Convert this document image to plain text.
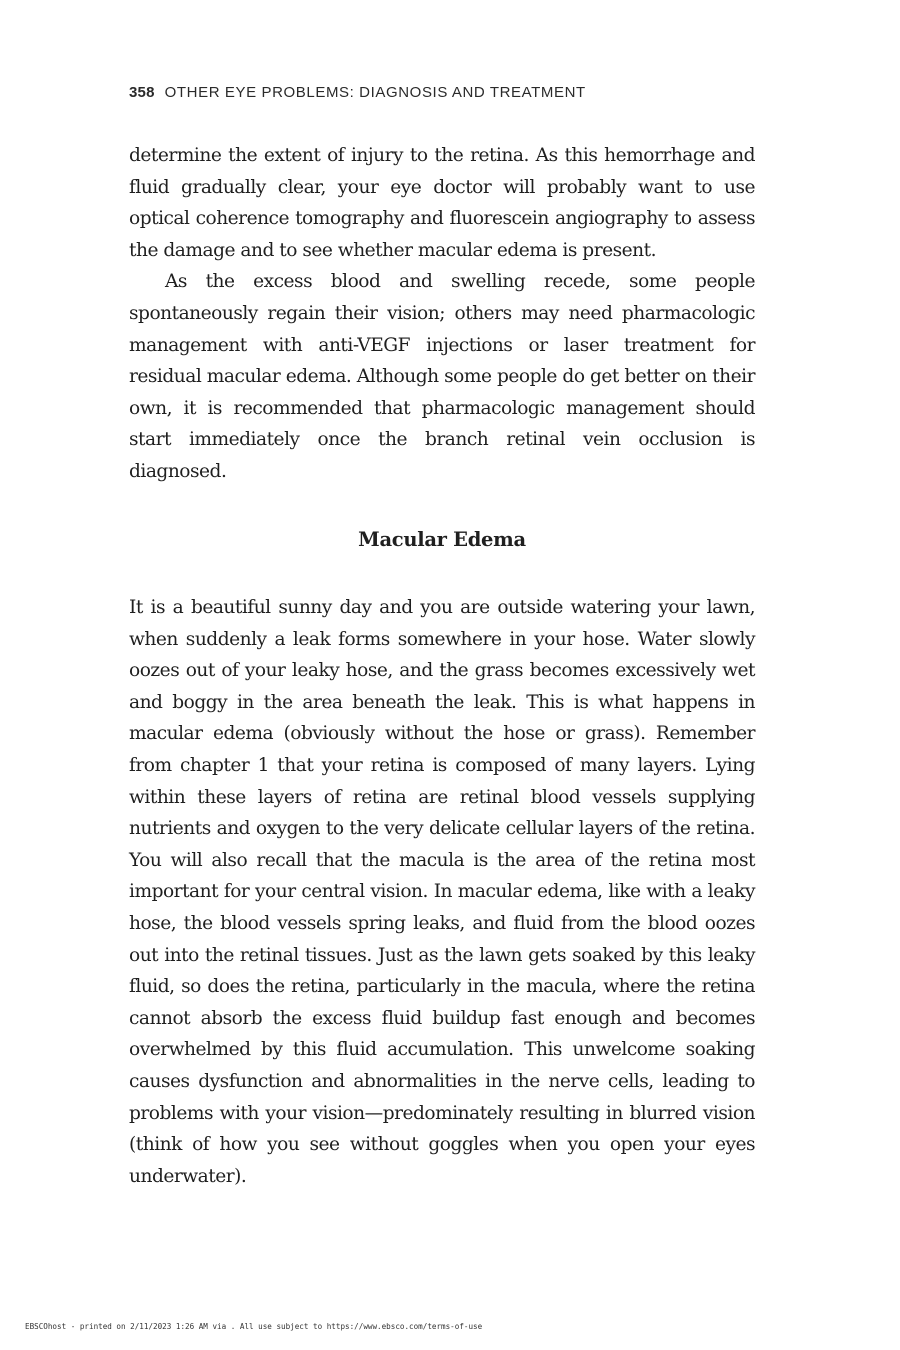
358 OTHER EYE PROBLEMS: DIAGNOSIS AND TREATMENT

determine the extent of injury to the retina. As this hemorrhage and fluid gradually clear, your eye doctor will probably want to use optical coherence tomography and fluorescein angiography to assess the damage and to see whether macular edema is present.

As the excess blood and swelling recede, some people spontaneously regain their vision; others may need pharmacologic management with anti-VEGF injections or laser treatment for residual macular edema. Although some people do get better on their own, it is recommended that pharmacologic management should start immediately once the branch retinal vein occlusion is diagnosed.

Macular Edema

It is a beautiful sunny day and you are outside watering your lawn, when suddenly a leak forms somewhere in your hose. Water slowly oozes out of your leaky hose, and the grass becomes excessively wet and boggy in the area beneath the leak. This is what happens in macular edema (obviously without the hose or grass). Remember from chapter 1 that your retina is composed of many layers. Lying within these layers of retina are retinal blood vessels supplying nutrients and oxygen to the very delicate cellular layers of the retina. You will also recall that the macula is the area of the retina most important for your central vision. In macular edema, like with a leaky hose, the blood vessels spring leaks, and fluid from the blood oozes out into the retinal tissues. Just as the lawn gets soaked by this leaky fluid, so does the retina, particularly in the macula, where the retina cannot absorb the excess fluid buildup fast enough and becomes overwhelmed by this fluid accumulation. This unwelcome soaking causes dysfunction and abnormalities in the nerve cells, leading to problems with your vision—predominately resulting in blurred vision (think of how you see without goggles when you open your eyes underwater).

EBSCOhost - printed on 2/11/2023 1:26 AM via . All use subject to https://www.ebsco.com/terms-of-use
